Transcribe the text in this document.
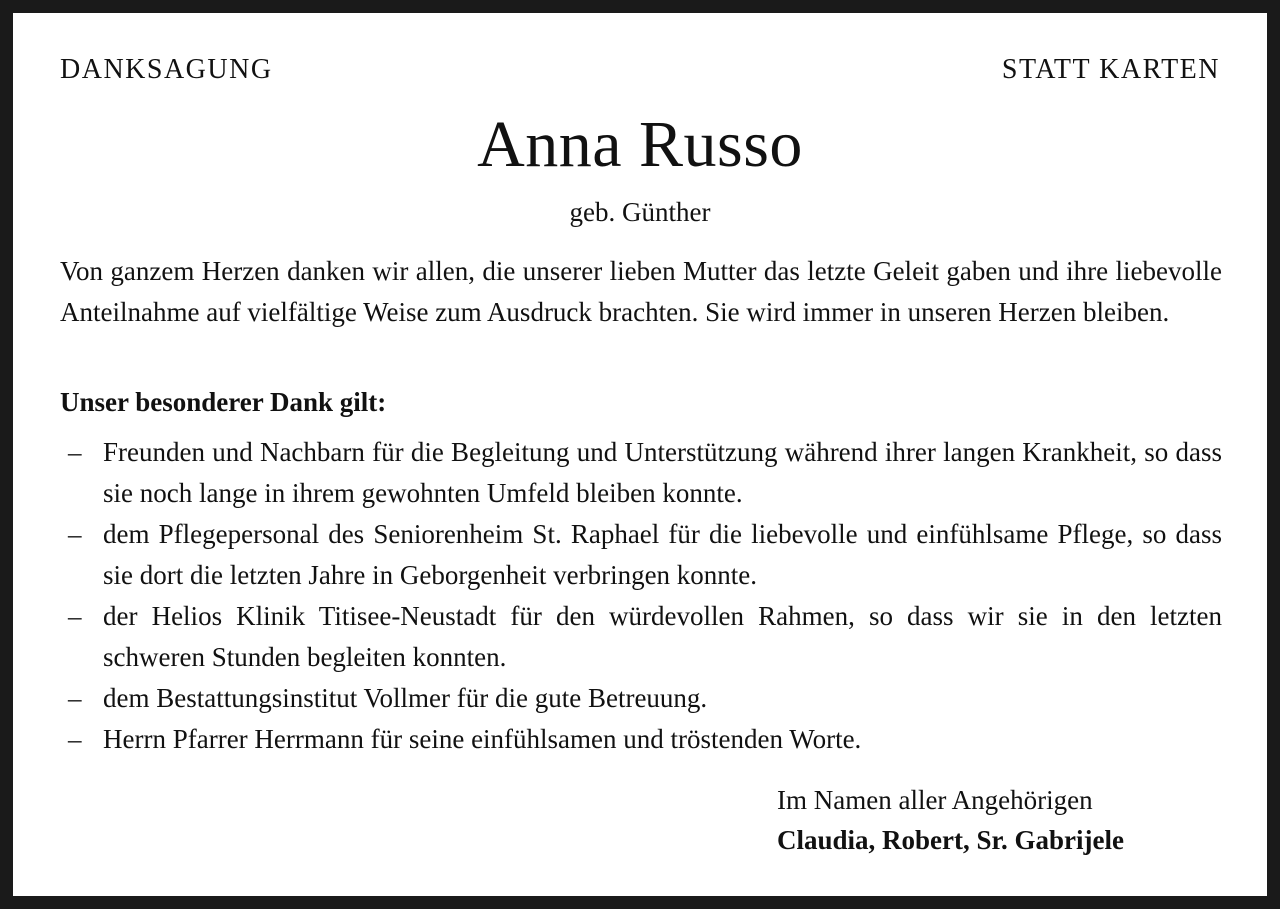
DANKSAGUNG	STATT KARTEN
Anna Russo
geb. Günther

Von ganzem Herzen danken wir allen, die unserer lieben Mutter das letzte Geleit gaben und ihre liebevolle Anteilnahme auf vielfältige Weise zum Ausdruck brachten. Sie wird immer in unseren Herzen bleiben.

Unser besonderer Dank gilt:
– Freunden und Nachbarn für die Begleitung und Unterstützung während ihrer langen Krankheit, so dass sie noch lange in ihrem gewohnten Umfeld bleiben konnte.
– dem Pflegepersonal des Seniorenheim St. Raphael für die liebevolle und einfühlsame Pflege, so dass sie dort die letzten Jahre in Geborgenheit verbringen konnte.
– der Helios Klinik Titisee-Neustadt für den würdevollen Rahmen, so dass wir sie in den letzten schweren Stunden begleiten konnten.
– dem Bestattungsinstitut Vollmer für die gute Betreuung.
– Herrn Pfarrer Herrmann für seine einfühlsamen und tröstenden Worte.
Im Namen aller Angehörigen
Claudia, Robert, Sr. Gabrijele
